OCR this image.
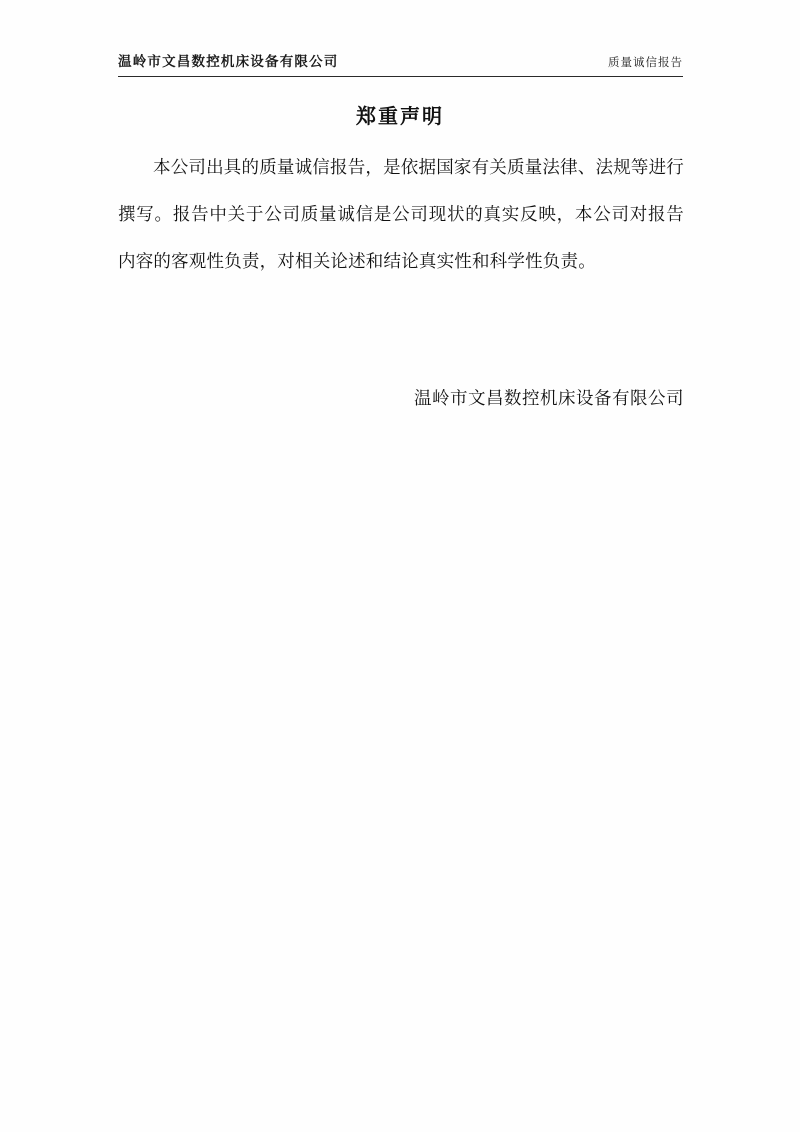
温岭市文昌数控机床设备有限公司	质量诚信报告
郑重声明

本公司出具的质量诚信报告，是依据国家有关质量法律、法规等进行撰写。报告中关于公司质量诚信是公司现状的真实反映，本公司对报告内容的客观性负责，对相关论述和结论真实性和科学性负责。

温岭市文昌数控机床设备有限公司
